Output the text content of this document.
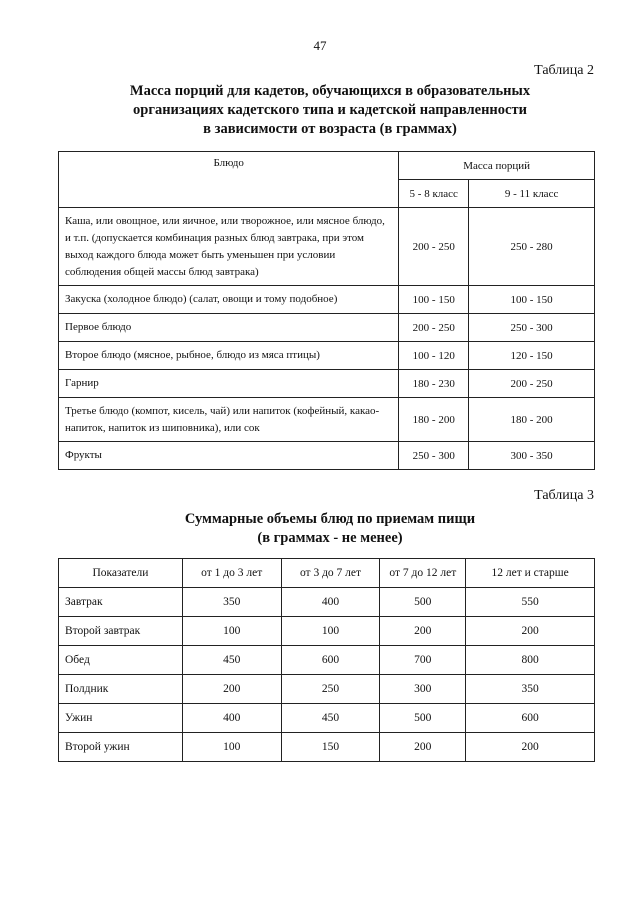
47
Таблица 2
Масса порций для кадетов, обучающихся в образовательных
организациях кадетского типа и кадетской направленности
в зависимости от возраста (в граммах)
Блюдо	Масса порций	
	5 - 8 класс	9 - 11 класс
Каша, или овощное, или яичное, или творожное, или мясное блюдо, и т.п. (допускается комбинация разных блюд завтрака, при этом выход каждого блюда может быть уменьшен при условии соблюдения общей массы блюд завтрака)	200 - 250	250 - 280
Закуска (холодное блюдо) (салат, овощи и тому подобное)	100 - 150	100 - 150
Первое блюдо	200 - 250	250 - 300
Второе блюдо (мясное, рыбное, блюдо из мяса птицы)	100 - 120	120 - 150
Гарнир	180 - 230	200 - 250
Третье блюдо (компот, кисель, чай) или напиток (кофейный, какао-напиток, напиток из шиповника), или сок	180 - 200	180 - 200
Фрукты	250 - 300	300 - 350
Таблица 3
Суммарные объемы блюд по приемам пищи
(в граммах - не менее)
Показатели	от 1 до 3 лет	от 3 до 7 лет	от 7 до 12 лет	12 лет и старше
Завтрак	350	400	500	550
Второй завтрак	100	100	200	200
Обед	450	600	700	800
Полдник	200	250	300	350
Ужин	400	450	500	600
Второй ужин	100	150	200	200
